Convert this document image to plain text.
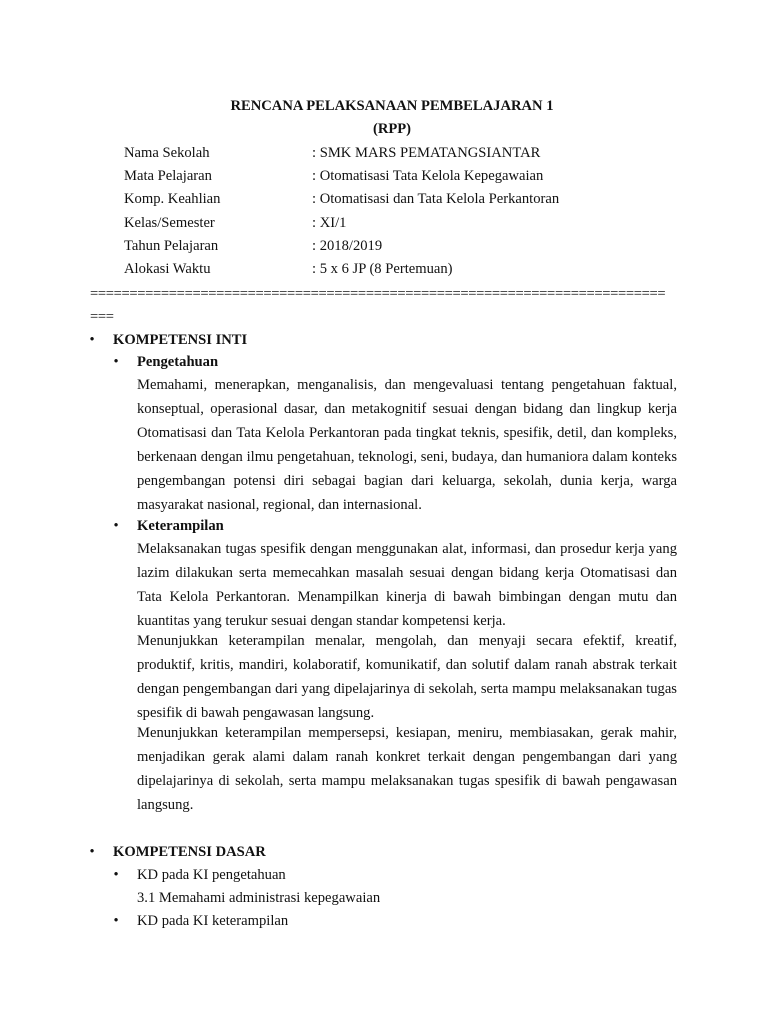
RENCANA PELAKSANAAN PEMBELAJARAN 1
(RPP)
Nama Sekolah	: SMK MARS PEMATANGSIANTAR
Mata Pelajaran	: Otomatisasi Tata Kelola Kepegawaian
Komp. Keahlian	: Otomatisasi dan Tata Kelola Perkantoran
Kelas/Semester	: XI/1
Tahun Pelajaran	: 2018/2019
Alokasi Waktu	: 5 x 6 JP (8 Pertemuan)
=========================================================================
===
• KOMPETENSI INTI
• Pengetahuan
Memahami, menerapkan, menganalisis, dan mengevaluasi tentang pengetahuan faktual, konseptual, operasional dasar, dan metakognitif sesuai dengan bidang dan lingkup kerja Otomatisasi dan Tata Kelola Perkantoran pada tingkat teknis, spesifik, detil, dan kompleks, berkenaan dengan ilmu pengetahuan, teknologi, seni, budaya, dan humaniora dalam konteks pengembangan potensi diri sebagai bagian dari keluarga, sekolah, dunia kerja, warga masyarakat nasional, regional, dan internasional.
• Keterampilan
Melaksanakan tugas spesifik dengan menggunakan alat, informasi, dan prosedur kerja yang lazim dilakukan serta memecahkan masalah sesuai dengan bidang kerja Otomatisasi dan Tata Kelola Perkantoran. Menampilkan kinerja di bawah bimbingan dengan mutu dan kuantitas yang terukur sesuai dengan standar kompetensi kerja.
Menunjukkan keterampilan menalar, mengolah, dan menyaji secara efektif, kreatif, produktif, kritis, mandiri, kolaboratif, komunikatif, dan solutif dalam ranah abstrak terkait dengan pengembangan dari yang dipelajarinya di sekolah, serta mampu melaksanakan tugas spesifik di bawah pengawasan langsung.
Menunjukkan keterampilan mempersepsi, kesiapan, meniru, membiasakan, gerak mahir, menjadikan gerak alami dalam ranah konkret terkait dengan pengembangan dari yang dipelajarinya di sekolah, serta mampu melaksanakan tugas spesifik di bawah pengawasan langsung.
• KOMPETENSI DASAR
• KD pada KI pengetahuan
3.1 Memahami administrasi kepegawaian
• KD pada KI keterampilan
